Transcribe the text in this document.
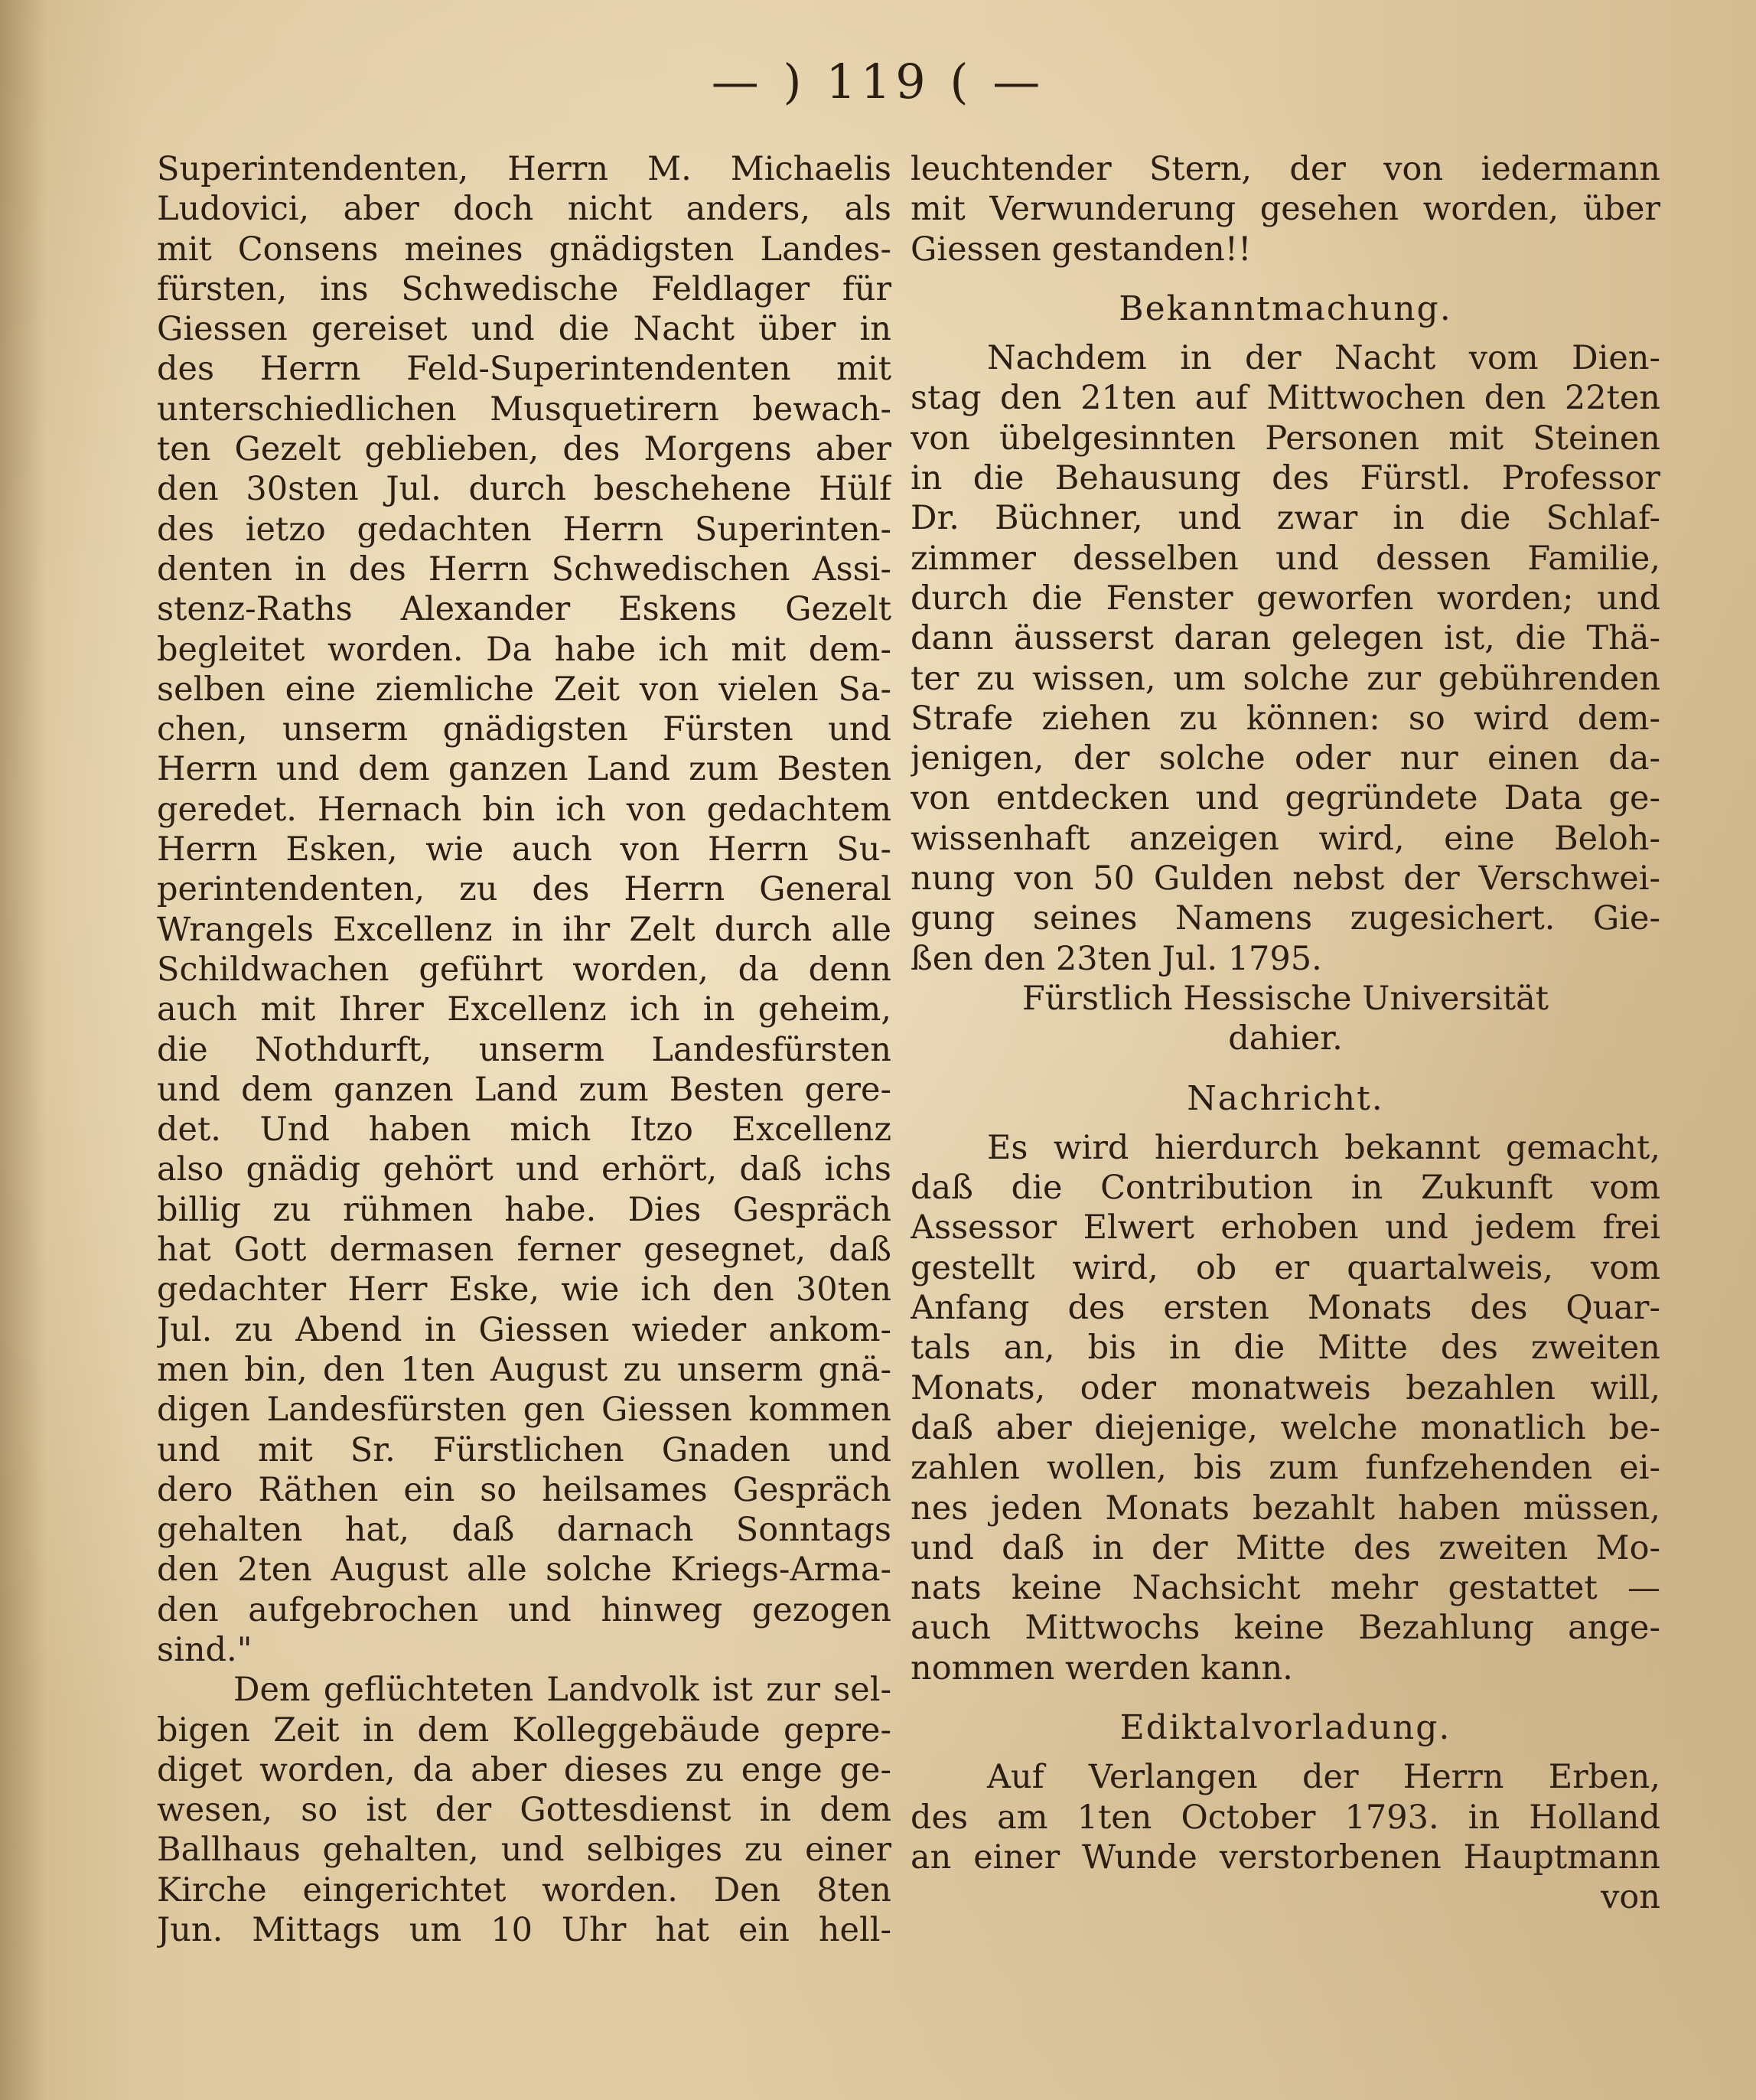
— ) 119 ( —
Superintendenten, Herrn M. Michaelis
Ludovici, aber doch nicht anders, als
mit Consens meines gnädigsten Landes-
fürsten, ins Schwedische Feldlager für
Giessen gereiset und die Nacht über in
des Herrn Feld-Superintendenten mit
unterschiedlichen Musquetirern bewach-
ten Gezelt geblieben, des Morgens aber
den 30sten Jul. durch beschehene Hülf
des ietzo gedachten Herrn Superinten-
denten in des Herrn Schwedischen Assi-
stenz-Raths Alexander Eskens Gezelt
begleitet worden. Da habe ich mit dem-
selben eine ziemliche Zeit von vielen Sa-
chen, unserm gnädigsten Fürsten und
Herrn und dem ganzen Land zum Besten
geredet. Hernach bin ich von gedachtem
Herrn Esken, wie auch von Herrn Su-
perintendenten, zu des Herrn General
Wrangels Excellenz in ihr Zelt durch alle
Schildwachen geführt worden, da denn
auch mit Ihrer Excellenz ich in geheim,
die Nothdurft, unserm Landesfürsten
und dem ganzen Land zum Besten gere-
det. Und haben mich Itzo Excellenz
also gnädig gehört und erhört, daß ichs
billig zu rühmen habe. Dies Gespräch
hat Gott dermasen ferner gesegnet, daß
gedachter Herr Eske, wie ich den 30ten
Jul. zu Abend in Giessen wieder ankom-
men bin, den 1ten August zu unserm gnä-
digen Landesfürsten gen Giessen kommen
und mit Sr. Fürstlichen Gnaden und
dero Räthen ein so heilsames Gespräch
gehalten hat, daß darnach Sonntags
den 2ten August alle solche Kriegs-Arma-
den aufgebrochen und hinweg gezogen
sind."
Dem geflüchteten Landvolk ist zur sel-
bigen Zeit in dem Kolleggebäude gepre-
diget worden, da aber dieses zu enge ge-
wesen, so ist der Gottesdienst in dem
Ballhaus gehalten, und selbiges zu einer
Kirche eingerichtet worden. Den 8ten
Jun. Mittags um 10 Uhr hat ein hell-
leuchtender Stern, der von iedermann
mit Verwunderung gesehen worden, über
Giessen gestanden!!
Bekanntmachung.
Nachdem in der Nacht vom Dien-
stag den 21ten auf Mittwochen den 22ten
von übelgesinnten Personen mit Steinen
in die Behausung des Fürstl. Professor
Dr. Büchner, und zwar in die Schlaf-
zimmer desselben und dessen Familie,
durch die Fenster geworfen worden; und
dann äusserst daran gelegen ist, die Thä-
ter zu wissen, um solche zur gebührenden
Strafe ziehen zu können: so wird dem-
jenigen, der solche oder nur einen da-
von entdecken und gegründete Data ge-
wissenhaft anzeigen wird, eine Beloh-
nung von 50 Gulden nebst der Verschwei-
gung seines Namens zugesichert. Gie-
ßen den 23ten Jul. 1795.
Fürstlich Hessische Universität
dahier.
Nachricht.
Es wird hierdurch bekannt gemacht,
daß die Contribution in Zukunft vom
Assessor Elwert erhoben und jedem frei
gestellt wird, ob er quartalweis, vom
Anfang des ersten Monats des Quar-
tals an, bis in die Mitte des zweiten
Monats, oder monatweis bezahlen will,
daß aber diejenige, welche monatlich be-
zahlen wollen, bis zum funfzehenden ei-
nes jeden Monats bezahlt haben müssen,
und daß in der Mitte des zweiten Mo-
nats keine Nachsicht mehr gestattet —
auch Mittwochs keine Bezahlung ange-
nommen werden kann.
Ediktalvorladung.
Auf Verlangen der Herrn Erben,
des am 1ten October 1793. in Holland
an einer Wunde verstorbenen Hauptmann
von
